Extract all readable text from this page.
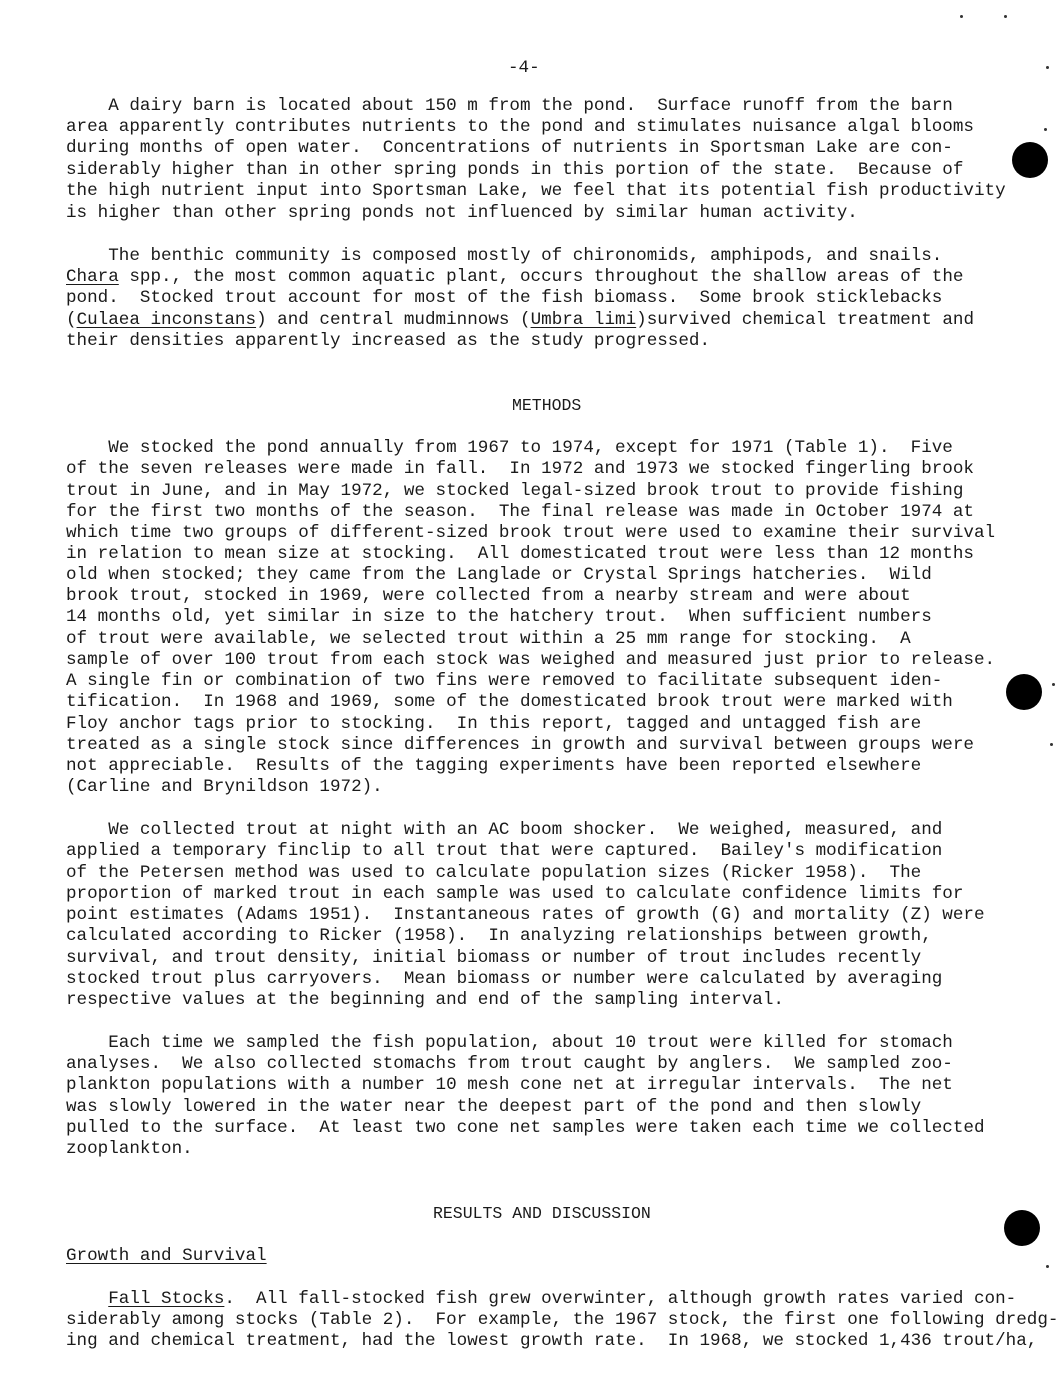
-4-
A dairy barn is located about 150 m from the pond.  Surface runoff from the barn
area apparently contributes nutrients to the pond and stimulates nuisance algal blooms
during months of open water.  Concentrations of nutrients in Sportsman Lake are con-
siderably higher than in other spring ponds in this portion of the state.  Because of
the high nutrient input into Sportsman Lake, we feel that its potential fish productivity
is higher than other spring ponds not influenced by similar human activity.
The benthic community is composed mostly of chironomids, amphipods, and snails.
Chara spp., the most common aquatic plant, occurs throughout the shallow areas of the
pond.  Stocked trout account for most of the fish biomass.  Some brook sticklebacks
(Culaea inconstans) and central mudminnows (Umbra limi)survived chemical treatment and
their densities apparently increased as the study progressed.
METHODS
We stocked the pond annually from 1967 to 1974, except for 1971 (Table 1).  Five
of the seven releases were made in fall.  In 1972 and 1973 we stocked fingerling brook
trout in June, and in May 1972, we stocked legal-sized brook trout to provide fishing
for the first two months of the season.  The final release was made in October 1974 at
which time two groups of different-sized brook trout were used to examine their survival
in relation to mean size at stocking.  All domesticated trout were less than 12 months
old when stocked; they came from the Langlade or Crystal Springs hatcheries.  Wild
brook trout, stocked in 1969, were collected from a nearby stream and were about
14 months old, yet similar in size to the hatchery trout.  When sufficient numbers
of trout were available, we selected trout within a 25 mm range for stocking.  A
sample of over 100 trout from each stock was weighed and measured just prior to release.
A single fin or combination of two fins were removed to facilitate subsequent iden-
tification.  In 1968 and 1969, some of the domesticated brook trout were marked with
Floy anchor tags prior to stocking.  In this report, tagged and untagged fish are
treated as a single stock since differences in growth and survival between groups were
not appreciable.  Results of the tagging experiments have been reported elsewhere
(Carline and Brynildson 1972).
We collected trout at night with an AC boom shocker.  We weighed, measured, and
applied a temporary finclip to all trout that were captured.  Bailey's modification
of the Petersen method was used to calculate population sizes (Ricker 1958).  The
proportion of marked trout in each sample was used to calculate confidence limits for
point estimates (Adams 1951).  Instantaneous rates of growth (G) and mortality (Z) were
calculated according to Ricker (1958).  In analyzing relationships between growth,
survival, and trout density, initial biomass or number of trout includes recently
stocked trout plus carryovers.  Mean biomass or number were calculated by averaging
respective values at the beginning and end of the sampling interval.
Each time we sampled the fish population, about 10 trout were killed for stomach
analyses.  We also collected stomachs from trout caught by anglers.  We sampled zoo-
plankton populations with a number 10 mesh cone net at irregular intervals.  The net
was slowly lowered in the water near the deepest part of the pond and then slowly
pulled to the surface.  At least two cone net samples were taken each time we collected
zooplankton.
RESULTS AND DISCUSSION
Growth and Survival
Fall Stocks.  All fall-stocked fish grew overwinter, although growth rates varied con-
siderably among stocks (Table 2).  For example, the 1967 stock, the first one following dredg-
ing and chemical treatment, had the lowest growth rate.  In 1968, we stocked 1,436 trout/ha,
